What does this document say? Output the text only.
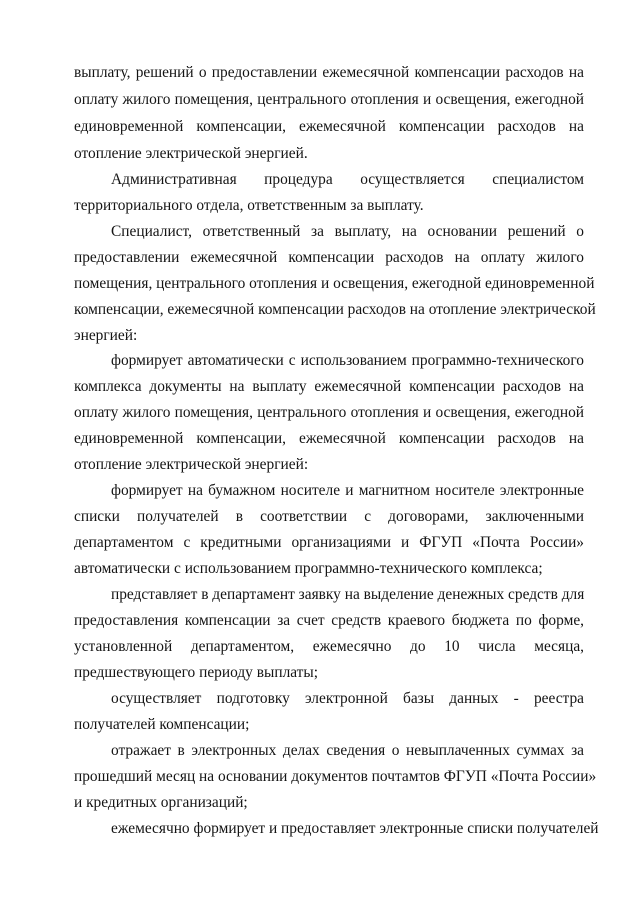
выплату, решений о предоставлении ежемесячной компенсации расходов на
оплату жилого помещения, центрального отопления и освещения, ежегодной
единовременной компенсации, ежемесячной компенсации расходов на
отопление электрической энергией.
Административная процедура осуществляется специалистом
территориального отдела, ответственным за выплату.
Специалист, ответственный за выплату, на основании решений о
предоставлении ежемесячной компенсации расходов на оплату жилого
помещения, центрального отопления и освещения, ежегодной единовременной
компенсации, ежемесячной компенсации расходов на отопление электрической
энергией:
формирует автоматически с использованием программно-технического
комплекса документы на выплату ежемесячной компенсации расходов на
оплату жилого помещения, центрального отопления и освещения, ежегодной
единовременной компенсации, ежемесячной компенсации расходов на
отопление электрической энергией:
формирует на бумажном носителе и магнитном носителе электронные
списки получателей в соответствии с договорами, заключенными
департаментом с кредитными организациями и ФГУП «Почта России»
автоматически с использованием программно-технического комплекса;
представляет в департамент заявку на выделение денежных средств для
предоставления компенсации за счет средств краевого бюджета по форме,
установленной департаментом, ежемесячно до 10 числа месяца,
предшествующего периоду выплаты;
осуществляет подготовку электронной базы данных - реестра
получателей компенсации;
отражает в электронных делах сведения о невыплаченных суммах за
прошедший месяц на основании документов почтамтов ФГУП «Почта России»
и кредитных организаций;
ежемесячно формирует и предоставляет электронные списки получателей
